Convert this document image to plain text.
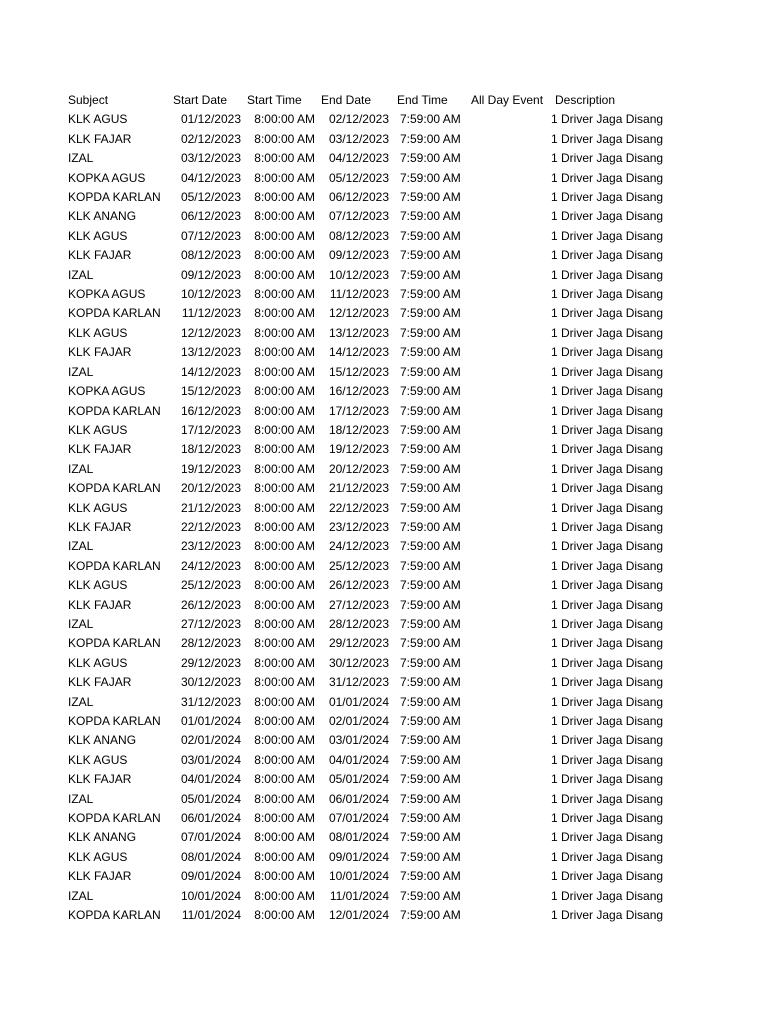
Subject	Start Date	Start Time	End Date	End Time	All Day Event	Description
KLK AGUS	01/12/2023	8:00:00 AM	02/12/2023	7:59:00 AM		1 Driver Jaga Disang
KLK FAJAR	02/12/2023	8:00:00 AM	03/12/2023	7:59:00 AM		1 Driver Jaga Disang
IZAL	03/12/2023	8:00:00 AM	04/12/2023	7:59:00 AM		1 Driver Jaga Disang
KOPKA AGUS	04/12/2023	8:00:00 AM	05/12/2023	7:59:00 AM		1 Driver Jaga Disang
KOPDA KARLAN	05/12/2023	8:00:00 AM	06/12/2023	7:59:00 AM		1 Driver Jaga Disang
KLK ANANG	06/12/2023	8:00:00 AM	07/12/2023	7:59:00 AM		1 Driver Jaga Disang
KLK AGUS	07/12/2023	8:00:00 AM	08/12/2023	7:59:00 AM		1 Driver Jaga Disang
KLK FAJAR	08/12/2023	8:00:00 AM	09/12/2023	7:59:00 AM		1 Driver Jaga Disang
IZAL	09/12/2023	8:00:00 AM	10/12/2023	7:59:00 AM		1 Driver Jaga Disang
KOPKA AGUS	10/12/2023	8:00:00 AM	11/12/2023	7:59:00 AM		1 Driver Jaga Disang
KOPDA KARLAN	11/12/2023	8:00:00 AM	12/12/2023	7:59:00 AM		1 Driver Jaga Disang
KLK AGUS	12/12/2023	8:00:00 AM	13/12/2023	7:59:00 AM		1 Driver Jaga Disang
KLK FAJAR	13/12/2023	8:00:00 AM	14/12/2023	7:59:00 AM		1 Driver Jaga Disang
IZAL	14/12/2023	8:00:00 AM	15/12/2023	7:59:00 AM		1 Driver Jaga Disang
KOPKA AGUS	15/12/2023	8:00:00 AM	16/12/2023	7:59:00 AM		1 Driver Jaga Disang
KOPDA KARLAN	16/12/2023	8:00:00 AM	17/12/2023	7:59:00 AM		1 Driver Jaga Disang
KLK AGUS	17/12/2023	8:00:00 AM	18/12/2023	7:59:00 AM		1 Driver Jaga Disang
KLK FAJAR	18/12/2023	8:00:00 AM	19/12/2023	7:59:00 AM		1 Driver Jaga Disang
IZAL	19/12/2023	8:00:00 AM	20/12/2023	7:59:00 AM		1 Driver Jaga Disang
KOPDA KARLAN	20/12/2023	8:00:00 AM	21/12/2023	7:59:00 AM		1 Driver Jaga Disang
KLK AGUS	21/12/2023	8:00:00 AM	22/12/2023	7:59:00 AM		1 Driver Jaga Disang
KLK FAJAR	22/12/2023	8:00:00 AM	23/12/2023	7:59:00 AM		1 Driver Jaga Disang
IZAL	23/12/2023	8:00:00 AM	24/12/2023	7:59:00 AM		1 Driver Jaga Disang
KOPDA KARLAN	24/12/2023	8:00:00 AM	25/12/2023	7:59:00 AM		1 Driver Jaga Disang
KLK AGUS	25/12/2023	8:00:00 AM	26/12/2023	7:59:00 AM		1 Driver Jaga Disang
KLK FAJAR	26/12/2023	8:00:00 AM	27/12/2023	7:59:00 AM		1 Driver Jaga Disang
IZAL	27/12/2023	8:00:00 AM	28/12/2023	7:59:00 AM		1 Driver Jaga Disang
KOPDA KARLAN	28/12/2023	8:00:00 AM	29/12/2023	7:59:00 AM		1 Driver Jaga Disang
KLK AGUS	29/12/2023	8:00:00 AM	30/12/2023	7:59:00 AM		1 Driver Jaga Disang
KLK FAJAR	30/12/2023	8:00:00 AM	31/12/2023	7:59:00 AM		1 Driver Jaga Disang
IZAL	31/12/2023	8:00:00 AM	01/01/2024	7:59:00 AM		1 Driver Jaga Disang
KOPDA KARLAN	01/01/2024	8:00:00 AM	02/01/2024	7:59:00 AM		1 Driver Jaga Disang
KLK ANANG	02/01/2024	8:00:00 AM	03/01/2024	7:59:00 AM		1 Driver Jaga Disang
KLK AGUS	03/01/2024	8:00:00 AM	04/01/2024	7:59:00 AM		1 Driver Jaga Disang
KLK FAJAR	04/01/2024	8:00:00 AM	05/01/2024	7:59:00 AM		1 Driver Jaga Disang
IZAL	05/01/2024	8:00:00 AM	06/01/2024	7:59:00 AM		1 Driver Jaga Disang
KOPDA KARLAN	06/01/2024	8:00:00 AM	07/01/2024	7:59:00 AM		1 Driver Jaga Disang
KLK ANANG	07/01/2024	8:00:00 AM	08/01/2024	7:59:00 AM		1 Driver Jaga Disang
KLK AGUS	08/01/2024	8:00:00 AM	09/01/2024	7:59:00 AM		1 Driver Jaga Disang
KLK FAJAR	09/01/2024	8:00:00 AM	10/01/2024	7:59:00 AM		1 Driver Jaga Disang
IZAL	10/01/2024	8:00:00 AM	11/01/2024	7:59:00 AM		1 Driver Jaga Disang
KOPDA KARLAN	11/01/2024	8:00:00 AM	12/01/2024	7:59:00 AM		1 Driver Jaga Disang
